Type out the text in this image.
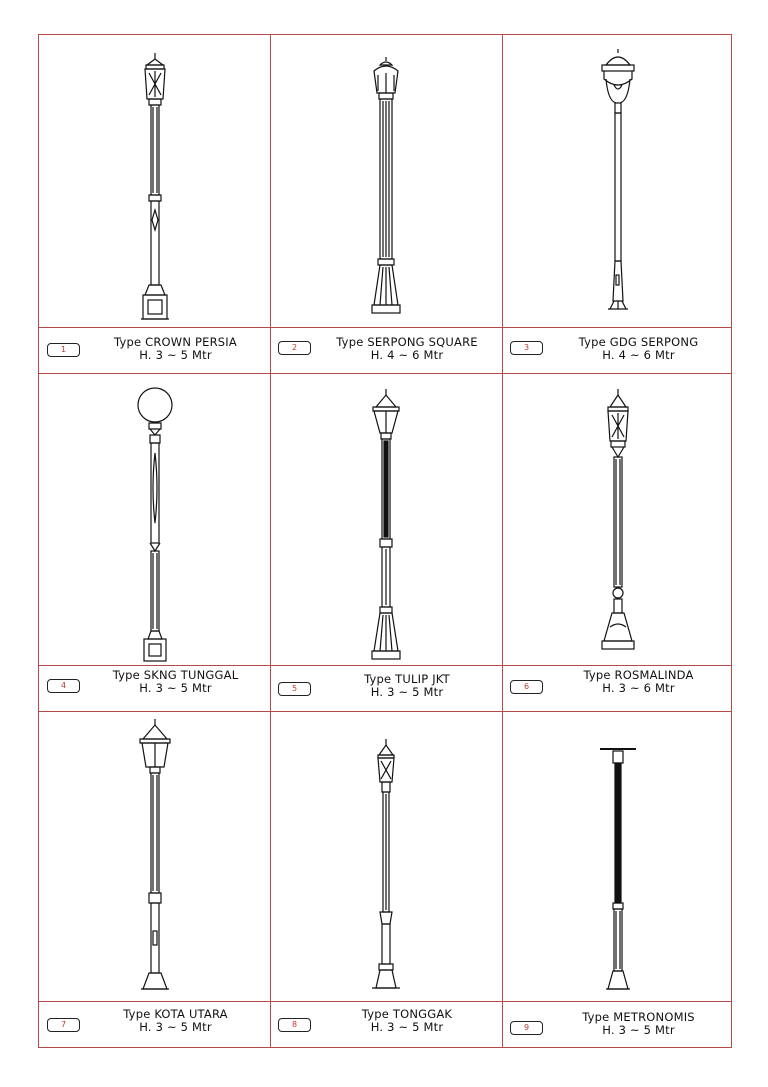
1
Type CROWN PERSIA
H. 3 ~ 5 Mtr
2	Type SERPONG SQUARE
H. 4 ~ 6 Mtr
3	Type GDG SERPONG
H. 4 ~ 6 Mtr
4
Type SKNG TUNGGAL
H. 3 ~ 5 Mtr	5
Type TULIP JKT
H. 3 ~ 5 Mtr	6
Type ROSMALINDA
H. 3 ~ 6 Mtr
7
Type KOTA UTARA
H. 3 ~ 5 Mtr	8
Type TONGGAK
H. 3 ~ 5 Mtr	9
Type METRONOMIS
H. 3 ~ 5 Mtr
